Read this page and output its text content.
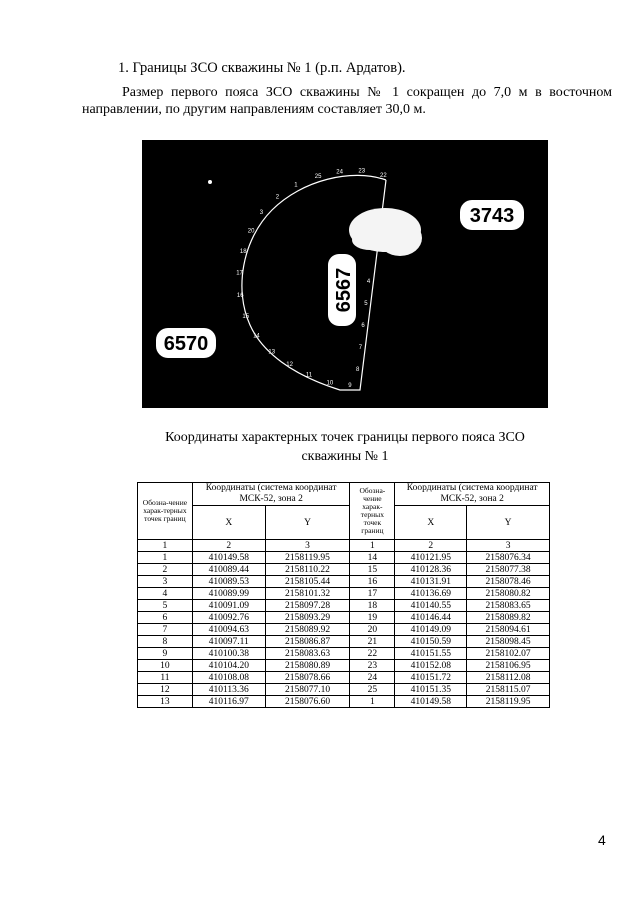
1. Границы ЗСО скважины № 1 (р.п. Ардатов).
Размер первого пояса ЗСО скважины № 1 сокращен до 7,0 м в восточном направлении, по другим направлениям составляет 30,0 м.
3743
6570
6567
22
23
24
25
1
2
3
20
18
17
16
15
14
13
12
11
10	9
8
7
6
5
4
Координаты характерных точек границы первого пояса ЗСО
скважины № 1
Обозна-чение харак-терных точек границ	Координаты (система координат МСК-52, зона 2		Обозна-чение харак-терных точек границ	Координаты (система координат МСК-52, зона 2	
	X	Y		X	Y
1	2	3	1	2	3
1	410149.58	2158119.95	14	410121.95	2158076.34
2	410089.44	2158110.22	15	410128.36	2158077.38
3	410089.53	2158105.44	16	410131.91	2158078.46
4	410089.99	2158101.32	17	410136.69	2158080.82
5	410091.09	2158097.28	18	410140.55	2158083.65
6	410092.76	2158093.29	19	410146.44	2158089.82
7	410094.63	2158089.92	20	410149.09	2158094.61
8	410097.11	2158086.87	21	410150.59	2158098.45
9	410100.38	2158083.63	22	410151.55	2158102.07
10	410104.20	2158080.89	23	410152.08	2158106.95
11	410108.08	2158078.66	24	410151.72	2158112.08
12	410113.36	2158077.10	25	410151.35	2158115.07
13	410116.97	2158076.60	1	410149.58	2158119.95
4
